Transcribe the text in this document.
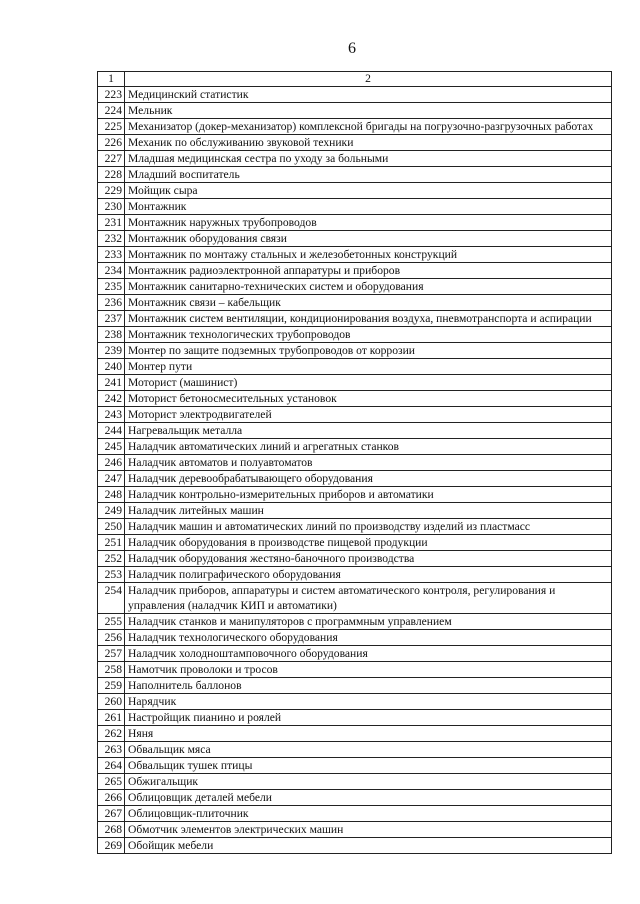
6
1	2
223	Медицинский статистик
224	Мельник
225	Механизатор (докер-механизатор) комплексной бригады на погрузочно-разгрузочных работах
226	Механик по обслуживанию звуковой техники
227	Младшая медицинская сестра по уходу за больными
228	Младший воспитатель
229	Мойщик сыра
230	Монтажник
231	Монтажник наружных трубопроводов
232	Монтажник оборудования связи
233	Монтажник по монтажу стальных и железобетонных конструкций
234	Монтажник радиоэлектронной аппаратуры и приборов
235	Монтажник санитарно-технических систем и оборудования
236	Монтажник связи – кабельщик
237	Монтажник систем вентиляции, кондиционирования воздуха, пневмотранспорта и аспирации
238	Монтажник технологических трубопроводов
239	Монтер по защите подземных трубопроводов от коррозии
240	Монтер пути
241	Моторист (машинист)
242	Моторист бетоносмесительных установок
243	Моторист электродвигателей
244	Нагревальщик металла
245	Наладчик автоматических линий и агрегатных станков
246	Наладчик автоматов и полуавтоматов
247	Наладчик деревообрабатывающего оборудования
248	Наладчик контрольно-измерительных приборов и автоматики
249	Наладчик литейных машин
250	Наладчик машин и автоматических линий по производству изделий из пластмасс
251	Наладчик оборудования в производстве пищевой продукции
252	Наладчик оборудования жестяно-баночного производства
253	Наладчик полиграфического оборудования
254	Наладчик приборов, аппаратуры и систем автоматического контроля, регулирования и управления (наладчик КИП и автоматики)
255	Наладчик станков и манипуляторов с программным управлением
256	Наладчик технологического оборудования
257	Наладчик холодноштамповочного оборудования
258	Намотчик проволоки и тросов
259	Наполнитель баллонов
260	Нарядчик
261	Настройщик пианино и роялей
262	Няня
263	Обвальщик мяса
264	Обвальщик тушек птицы
265	Обжигальщик
266	Облицовщик деталей мебели
267	Облицовщик-плиточник
268	Обмотчик элементов электрических машин
269	Обойщик мебели
